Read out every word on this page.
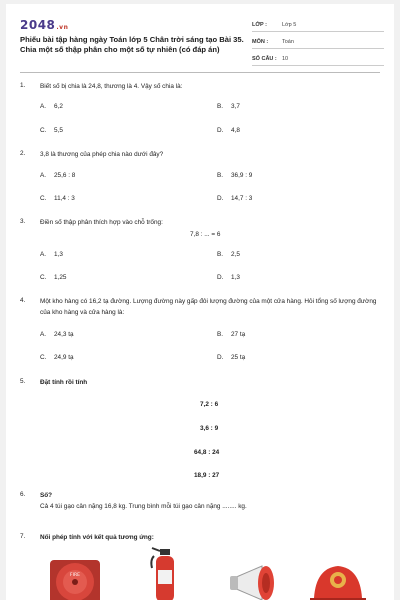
2048.vn
Phiếu bài tập hàng ngày Toán lớp 5 Chân trời sáng tạo Bài 35. Chia một số thập phân cho một số tự nhiên (có đáp án)
LỚP :	Lớp 5
MÔN :	Toán
SỐ CÂU : 10
1.	Biết số bị chia là 24,8, thương là 4. Vậy số chia là:
A.	6,2	B.	3,7
C.	5,5	D.	4,8
2.	3,8 là thương của phép chia nào dưới đây?
A.	25,6 : 8	B.	36,9 : 9
C.	11,4 : 3	D.	14,7 : 3
3.	Điền số thập phân thích hợp vào chỗ trống:
7,8 : ... = 6
A.	1,3	B.	2,5
C.	1,25	D.	1,3
4.	Một kho hàng có 16,2 tạ đường. Lượng đường này gấp đôi lượng đường của một cửa hàng. Hỏi tổng số lượng đường của kho hàng và cửa hàng là:
A.	24,3 tạ	B.	27 tạ
C.	24,9 tạ	D.	25 tạ
5.	Đặt tính rồi tính
7,2 : 6
3,6 : 9
64,8 : 24
18,9 : 27
6.	Số?
Cả 4 túi gạo cân nặng 16,8 kg. Trung bình mỗi túi gạo cân nặng ........ kg.
7.	Nối phép tính với kết quả tương ứng:
FIRE
